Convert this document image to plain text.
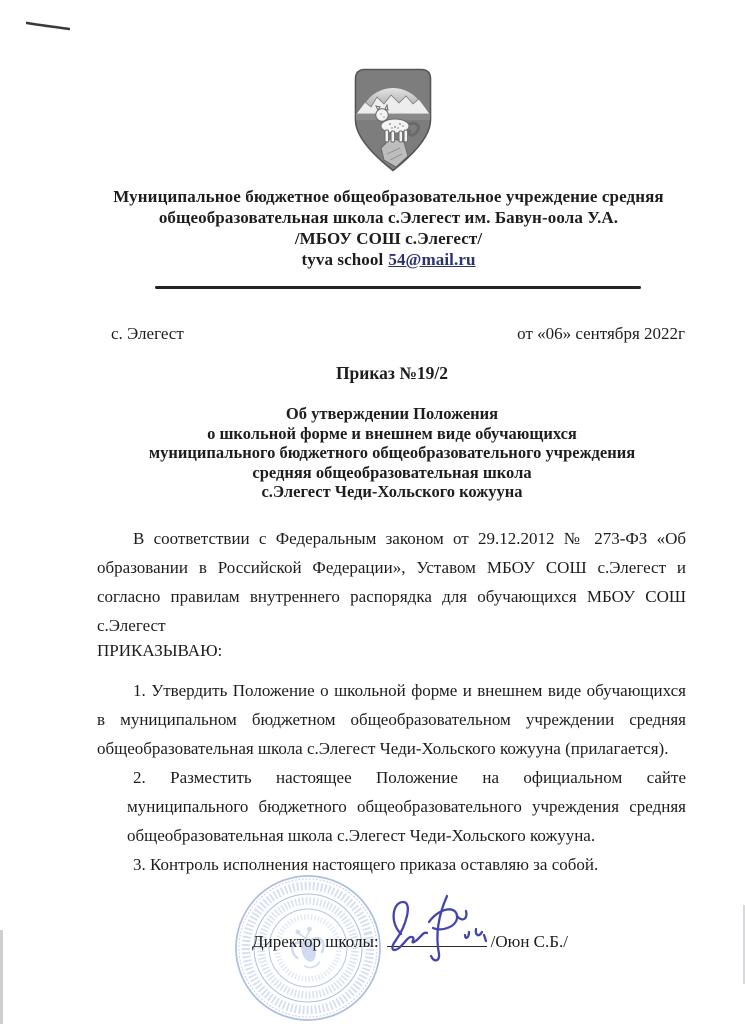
Муниципальное бюджетное общеобразовательное учреждение средняя
общеобразовательная школа с.Элегест им. Бавун-оола У.А.
/МБОУ СОШ с.Элегест/
tyva school 54@mail.ru
с. Элегест	от «06» сентября 2022г
Приказ №19/2
Об утверждении Положения
о школьной форме и внешнем виде обучающихся
муниципального бюджетного общеобразовательного учреждения
средняя общеобразовательная школа
с.Элегест Чеди-Хольского кожууна
В соответствии с Федеральным законом от 29.12.2012 № 273-ФЗ «Об образовании в Российской Федерации», Уставом МБОУ СОШ с.Элегест и согласно правилам внутреннего распорядка для обучающихся МБОУ СОШ с.Элегест
ПРИКАЗЫВАЮ:

1. Утвердить Положение о школьной форме и внешнем виде обучающихся в муниципальном бюджетном общеобразовательном учреждении средняя общеобразовательная школа с.Элегест Чеди-Хольского кожууна (прилагается).

2. Разместить настоящее Положение на официальном сайте муниципального бюджетного общеобразовательного учреждения средняя общеобразовательная школа с.Элегест Чеди-Хольского кожууна.

3. Контроль исполнения настоящего приказа оставляю за собой.

Директор школы:	/Оюн С.Б./
